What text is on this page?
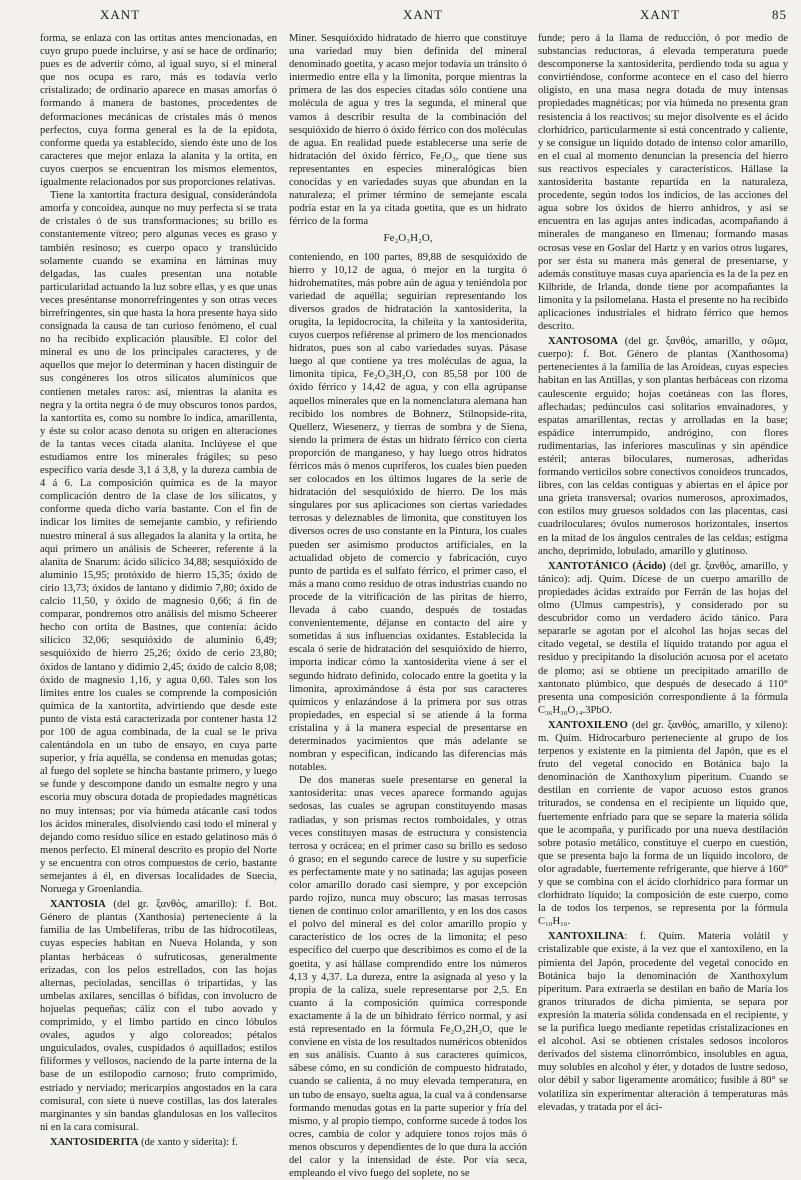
XANT	XANT	XANT	85

forma, se enlaza con las ortitas antes mencionadas, en cuyo grupo puede incluirse, y así se hace de ordinario; pues es de advertir cómo, al igual suyo, si el mineral que nos ocupa es raro, más es todavía verlo cristalizado; de ordinario aparece en masas amorfas ó formando á manera de bastones, procedentes de deformaciones mecánicas de cristales más ó menos perfectos, cuya forma general es la de la epidota, conforme queda ya establecido, siendo éste uno de los caracteres que mejor enlaza la alanita y la ortita, en cuyos cuerpos se encuentran los mismos elementos, igualmente relacionados por sus proporciones relativas.

Tiene la xantortita fractura desigual, considerándola amorfa y concoidea, aunque no muy perfecta si se trata de cristales ó de sus transformaciones; su brillo es constantemente vítreo; pero algunas veces es graso y también resinoso; es cuerpo opaco y translúcido solamente cuando se examina en láminas muy delgadas, las cuales presentan una notable particularidad actuando la luz sobre ellas, y es que unas veces preséntanse monorrefringentes y son otras veces birrefringentes, sin que hasta la hora presente haya sido consignada la causa de tan curioso fenómeno, el cual no ha recibido explicación plausible. El color del mineral es uno de los principales caracteres, y de aquellos que mejor lo determinan y hacen distinguir de sus congéneres los otros silicatos alumínicos que contienen metales raros: así, mientras la alanita es negra y la ortita negra ó de muy obscuros tonos pardos, la xantortita es, como su nombre lo indica, amarillenta, y éste su color acaso denota su origen en alteraciones de la tantas veces citada alanita. Inclúyese el que estudiamos entre los minerales frágiles; su peso específico varía desde 3,1 á 3,8, y la dureza cambia de 4 á 6. La composición química es de la mayor complicación dentro de la clase de los silicatos, y conforme queda dicho varía bastante. Con el fin de indicar los límites de semejante cambio, y refiriendo nuestro mineral á sus allegados la alanita y la ortita, he aquí primero un análisis de Scheerer, referente á la alanita de Snarum: ácido silícico 34,88; sesquióxido de aluminio 15,95; protóxido de hierro 15,35; óxido de cirio 13,73; óxidos de lantano y didimio 7,80; óxido de calcio 11,50, y óxido de magnesio 0,66; á fin de comparar, pondremos otro análisis del mismo Scheerer hecho con ortita de Bastnes, que contenía: ácido silícico 32,06; sesquióxido de aluminio 6,49; sesquióxido de hierro 25,26; óxido de cerio 23,80; óxidos de lantano y didimio 2,45; óxido de calcio 8,08; óxido de magnesio 1,16, y agua 0,60. Tales son los límites entre los cuales se comprende la composición química de la xantortita, advirtiendo que desde este punto de vista está caracterizada por contener hasta 12 por 100 de agua combinada, de la cual se le priva calentándola en un tubo de ensayo, en cuya parte superior, y fría aquélla, se condensa en menudas gotas; al fuego del soplete se hincha bastante primero, y luego se funde y descompone dando un esmalte negro y una escoria muy obscura dotada de propiedades magnéticas no muy intensas; por vía húmeda atácanle casi todos los ácidos minerales, disolviendo casi todo el mineral y dejando como residuo sílice en estado gelatinoso más ó menos perfecto. El mineral descrito es propio del Norte y se encuentra con otros compuestos de cerio, bastante semejantes á él, en diversas localidades de Suecia, Noruega y Groenlandia.

XANTOSIA (del gr. ξανθός, amarillo): f. Bot. Género de plantas (Xanthosia) perteneciente á la familia de las Umbelíferas, tribu de las hidrocotíleas, cuyas especies habitan en Nueva Holanda, y son plantas herbáceas ó sufruticosas, generalmente erizadas, con los pelos estrellados, con las hojas alternas, pecioladas, sencillas ó trípartidas, y las umbelas axilares, sencillas ó bífidas, con involucro de hojuelas pequeñas; cáliz con el tubo aovado y comprimido, y el limbo partido en cinco lóbulos ovales, agudos y algo coloreados; pétalos unguiculados, ovales, cuspidados ó aquillados; estilos filiformes y vellosos, naciendo de la parte interna de la base de un estilopodio carnoso; fruto comprimido, estriado y nerviado; mericarpios angostados en la cara comisural, con siete ú nueve costillas, las dos laterales marginantes y sin bandas glandulosas en los vallecitos ni en la cara comisural.

XANTOSIDERITA (de xanto y siderita): f.

Miner. Sesquióxido hidratado de hierro que constituye una variedad muy bien definida del mineral denominado goetita, y acaso mejor todavía un tránsito ó intermedio entre ella y la limonita, porque mientras la primera de las dos especies citadas sólo contiene una molécula de agua y tres la segunda, el mineral que vamos á describir resulta de la combinación del sesquióxido de hierro ó óxido férrico con dos moléculas de agua. En realidad puede establecerse una serie de hidratación del óxido férrico, Fe₂O₃, que tiene sus representantes en especies mineralógicas bien conocidas y en variedades suyas que abundan en la naturaleza; el primer término de semejante escala podría estar en la ya citada goetita, que es un hidrato férrico de la forma

Fe₂O₃H₂O,

conteniendo, en 100 partes, 89,88 de sesquióxido de hierro y 10,12 de agua, ó mejor en la turgita ó hidrohematites, más pobre aún de agua y teniéndola por variedad de aquélla; seguirían representando los diversos grados de hidratación la xantosiderita, la orugita, la lepidocrocita, la chileíta y la xantosiderita, cuyos cuerpos refiérense al primero de los mencionados hidratos, pues son al cabo variedades suyas. Pásase luego al que contiene ya tres moléculas de agua, la limonita típica, Fe₂O₃3H₂O, con 85,58 por 100 de óxido férrico y 14,42 de agua, y con ella agrúpanse aquellos minerales que en la nomenclatura alemana han recibido los nombres de Bohnerz, Stilnopside-rita, Quellerz, Wiesenerz, y tierras de sombra y de Siena, siendo la primera de éstas un hidrato férrico con cierta proporción de manganeso, y hay luego otros hidratos férricos más ó menos cupríferos, los cuales bien pueden ser colocados en los últimos lugares de la serie de hidratación del sesquióxido de hierro. De los más singulares por sus aplicaciones son ciertas variedades terrosas y deleznables de limonita, que constituyen los diversos ocres de uso constante en la Pintura, los cuales pueden ser asimismo productos artificiales, en la actualidad objeto de comercio y fabricación, cuyo punto de partida es el sulfato férrico, el primer caso, el más a mano como residuo de otras industrias cuando no procede de la vitrificación de las piritas de hierro, llevada á cabo cuando, después de tostadas convenientemente, déjanse en contacto del aire y sometidas á sus influencias oxidantes. Establecida la escala ó serie de hidratación del sesquióxido de hierro, importa indicar cómo la xantosiderita viene á ser el segundo hidrato definido, colocado entre la goetita y la limonita, aproximándose á ésta por sus caracteres químicos y enlazándose á la primera por sus otras propiedades, en especial si se atiende á la forma cristalina y á la manera especial de presentarse en determinados yacimientos que más adelante se nombran y especifican, indicando las diferencias más notables.

De dos maneras suele presentarse en general la xantosiderita: unas veces aparece formando agujas sedosas, las cuales se agrupan constituyendo masas radiadas, y son prismas rectos romboidales, y otras veces constituyen masas de estructura y consistencia terrosa y ocrácea; en el primer caso su brillo es sedoso ó graso; en el segundo carece de lustre y su superficie es perfectamente mate y no satinada; las agujas poseen color amarillo dorado casi siempre, y por excepción pardo rojizo, nunca muy obscuro; las masas terrosas tienen de continuo color amarillento, y en los dos casos el polvo del mineral es del color amarillo propio y característico de los ocres de la limonita; el peso específico del cuerpo que describimos es como el de la goetita, y así hállase comprendido entre los números 4,13 y 4,37. La dureza, entre la asignada al yeso y la propia de la caliza, suele representarse por 2,5. En cuanto á la composición química corresponde exactamente á la de un bihidrato férrico normal, y así está representado en la fórmula Fe₂O₃2H₂O, que le conviene en vista de los resultados numéricos obtenidos en sus análisis. Cuanto á sus caracteres químicos, sábese cómo, en su condición de compuesto hidratado, cuando se calienta, á no muy elevada temperatura, en un tubo de ensayo, suelta agua, la cual va á condensarse formando menudas gotas en la parte superior y fría del mismo, y al propio tiempo, conforme sucede á todos los ocres, cambia de color y adquiere tonos rojos más ó menos obscuros y dependientes de lo que dura la acción del calor y la intensidad de éste. Por vía seca, empleando el vivo fuego del soplete, no se

funde; pero á la llama de reducción, ó por medio de substancias reductoras, á elevada temperatura puede descomponerse la xantosiderita, perdiendo toda su agua y convirtiéndose, conforme acontece en el caso del hierro oligisto, en una masa negra dotada de muy intensas propiedades magnéticas; por vía húmeda no presenta gran resistencia á los reactivos; su mejor disolvente es el ácido clorhídrico, particularmente si está concentrado y caliente, y se consigue un líquido dotado de intenso color amarillo, en el cual al momento denuncian la presencia del hierro sus reactivos especiales y característicos. Hállase la xantosiderita bastante repartida en la naturaleza, procedente, según todos los indicios, de las acciones del agua sobre los óxidos de hierro anhidros, y así se encuentra en las agujas antes indicadas, acompañando á minerales de manganeso en Ilmenau; formando masas ocrosas vese en Goslar del Hartz y en varios otros lugares, por ser ésta su manera más general de presentarse, y además constituye masas cuya apariencia es la de la pez en Kilbride, de Irlanda, donde tiene por acompañantes la limonita y la psilomelana. Hasta el presente no ha recibido aplicaciones industriales el hidrato férrico que hemos descrito.

XANTOSOMA (del gr. ξανθός, amarillo, y σῶμα, cuerpo): f. Bot. Género de plantas (Xanthosoma) pertenecientes á la familia de las Aroídeas, cuyas especies habitan en las Antillas, y son plantas herbáceas con rizoma caulescente erguido; hojas coetáneas con las flores, aflechadas; pedúnculos casi solitarios envainadores, y espatas amarillentas, rectas y arrolladas en la base; espádice interrumpido, andrógino, con flores rudimentarias, las inferiores masculinas y sin apéndice estéril; anteras biloculares, numerosas, adheridas formando verticilos sobre conectivos conoideos truncados, libres, con las celdas contiguas y abiertas en el ápice por una grieta transversal; ovarios numerosos, aproximados, con estilos muy gruesos soldados con las placentas, casi cuadriloculares; óvulos numerosos horizontales, insertos en la mitad de los ángulos centrales de las celdas; estigma ancho, deprimido, lobulado, amarillo y glutinoso.

XANTOTÁNICO (Ácido) (del gr. ξανθός, amarillo, y tánico): adj. Quím. Dícese de un cuerpo amarillo de propiedades ácidas extraído por Ferrán de las hojas del olmo (Ulmus campestris), y considerado por su descubridor como un verdadero ácido tánico. Para separarle se agotan por el alcohol las hojas secas del citado vegetal, se destila el líquido tratando por agua el residuo y precipitando la disolución acuosa por el acetato de plomo; así se obtiene un precipitado amarillo de xantonato plúmbico, que después de desecado á 110° presenta una composición correspondiente á la fórmula C₃₆H₃₀O₁₄.3PbO.

XANTOXILENO (del gr. ξανθός, amarillo, y xileno): m. Quím. Hidrocarburo perteneciente al grupo de los terpenos y existente en la pimienta del Japón, que es el fruto del vegetal conocido en Botánica bajo la denominación de Xanthoxylum piperitum. Cuando se destilan en corriente de vapor acuoso estos granos triturados, se condensa en el recipiente un líquido que, fuertemente enfriado para que se separe la materia sólida que le acompaña, y purificado por una nueva destilación sobre potasio metálico, constituye el cuerpo en cuestión, que se presenta bajo la forma de un líquido incoloro, de olor agradable, fuertemente refrigerante, que hierve á 160° y que se combina con el ácido clorhídrico para formar un clorhidrato líquido; la composición de este cuerpo, como la de todos los terpenos, se representa por la fórmula C₁₀H₁₆.

XANTOXILINA: f. Quím. Materia volátil y cristalizable que existe, á la vez que el xantoxileno, en la pimienta del Japón, procedente del vegetal conocido en Botánica bajo la denominación de Xanthoxylum piperitum. Para extraerla se destilan en baño de María los granos triturados de dicha pimienta, se separa por expresión la materia sólida condensada en el recipiente, y se la purifica luego mediante repetidas cristalizaciones en el alcohol. Así se obtienen cristales sedosos incoloros derivados del sistema clinorrómbico, insolubles en agua, muy solubles en alcohol y éter, y dotados de lustre sedoso, olor débil y sabor ligeramente aromático; fusible á 80° se volatiliza sin experimentar alteración á temperaturas más elevadas, y tratada por el áci-
